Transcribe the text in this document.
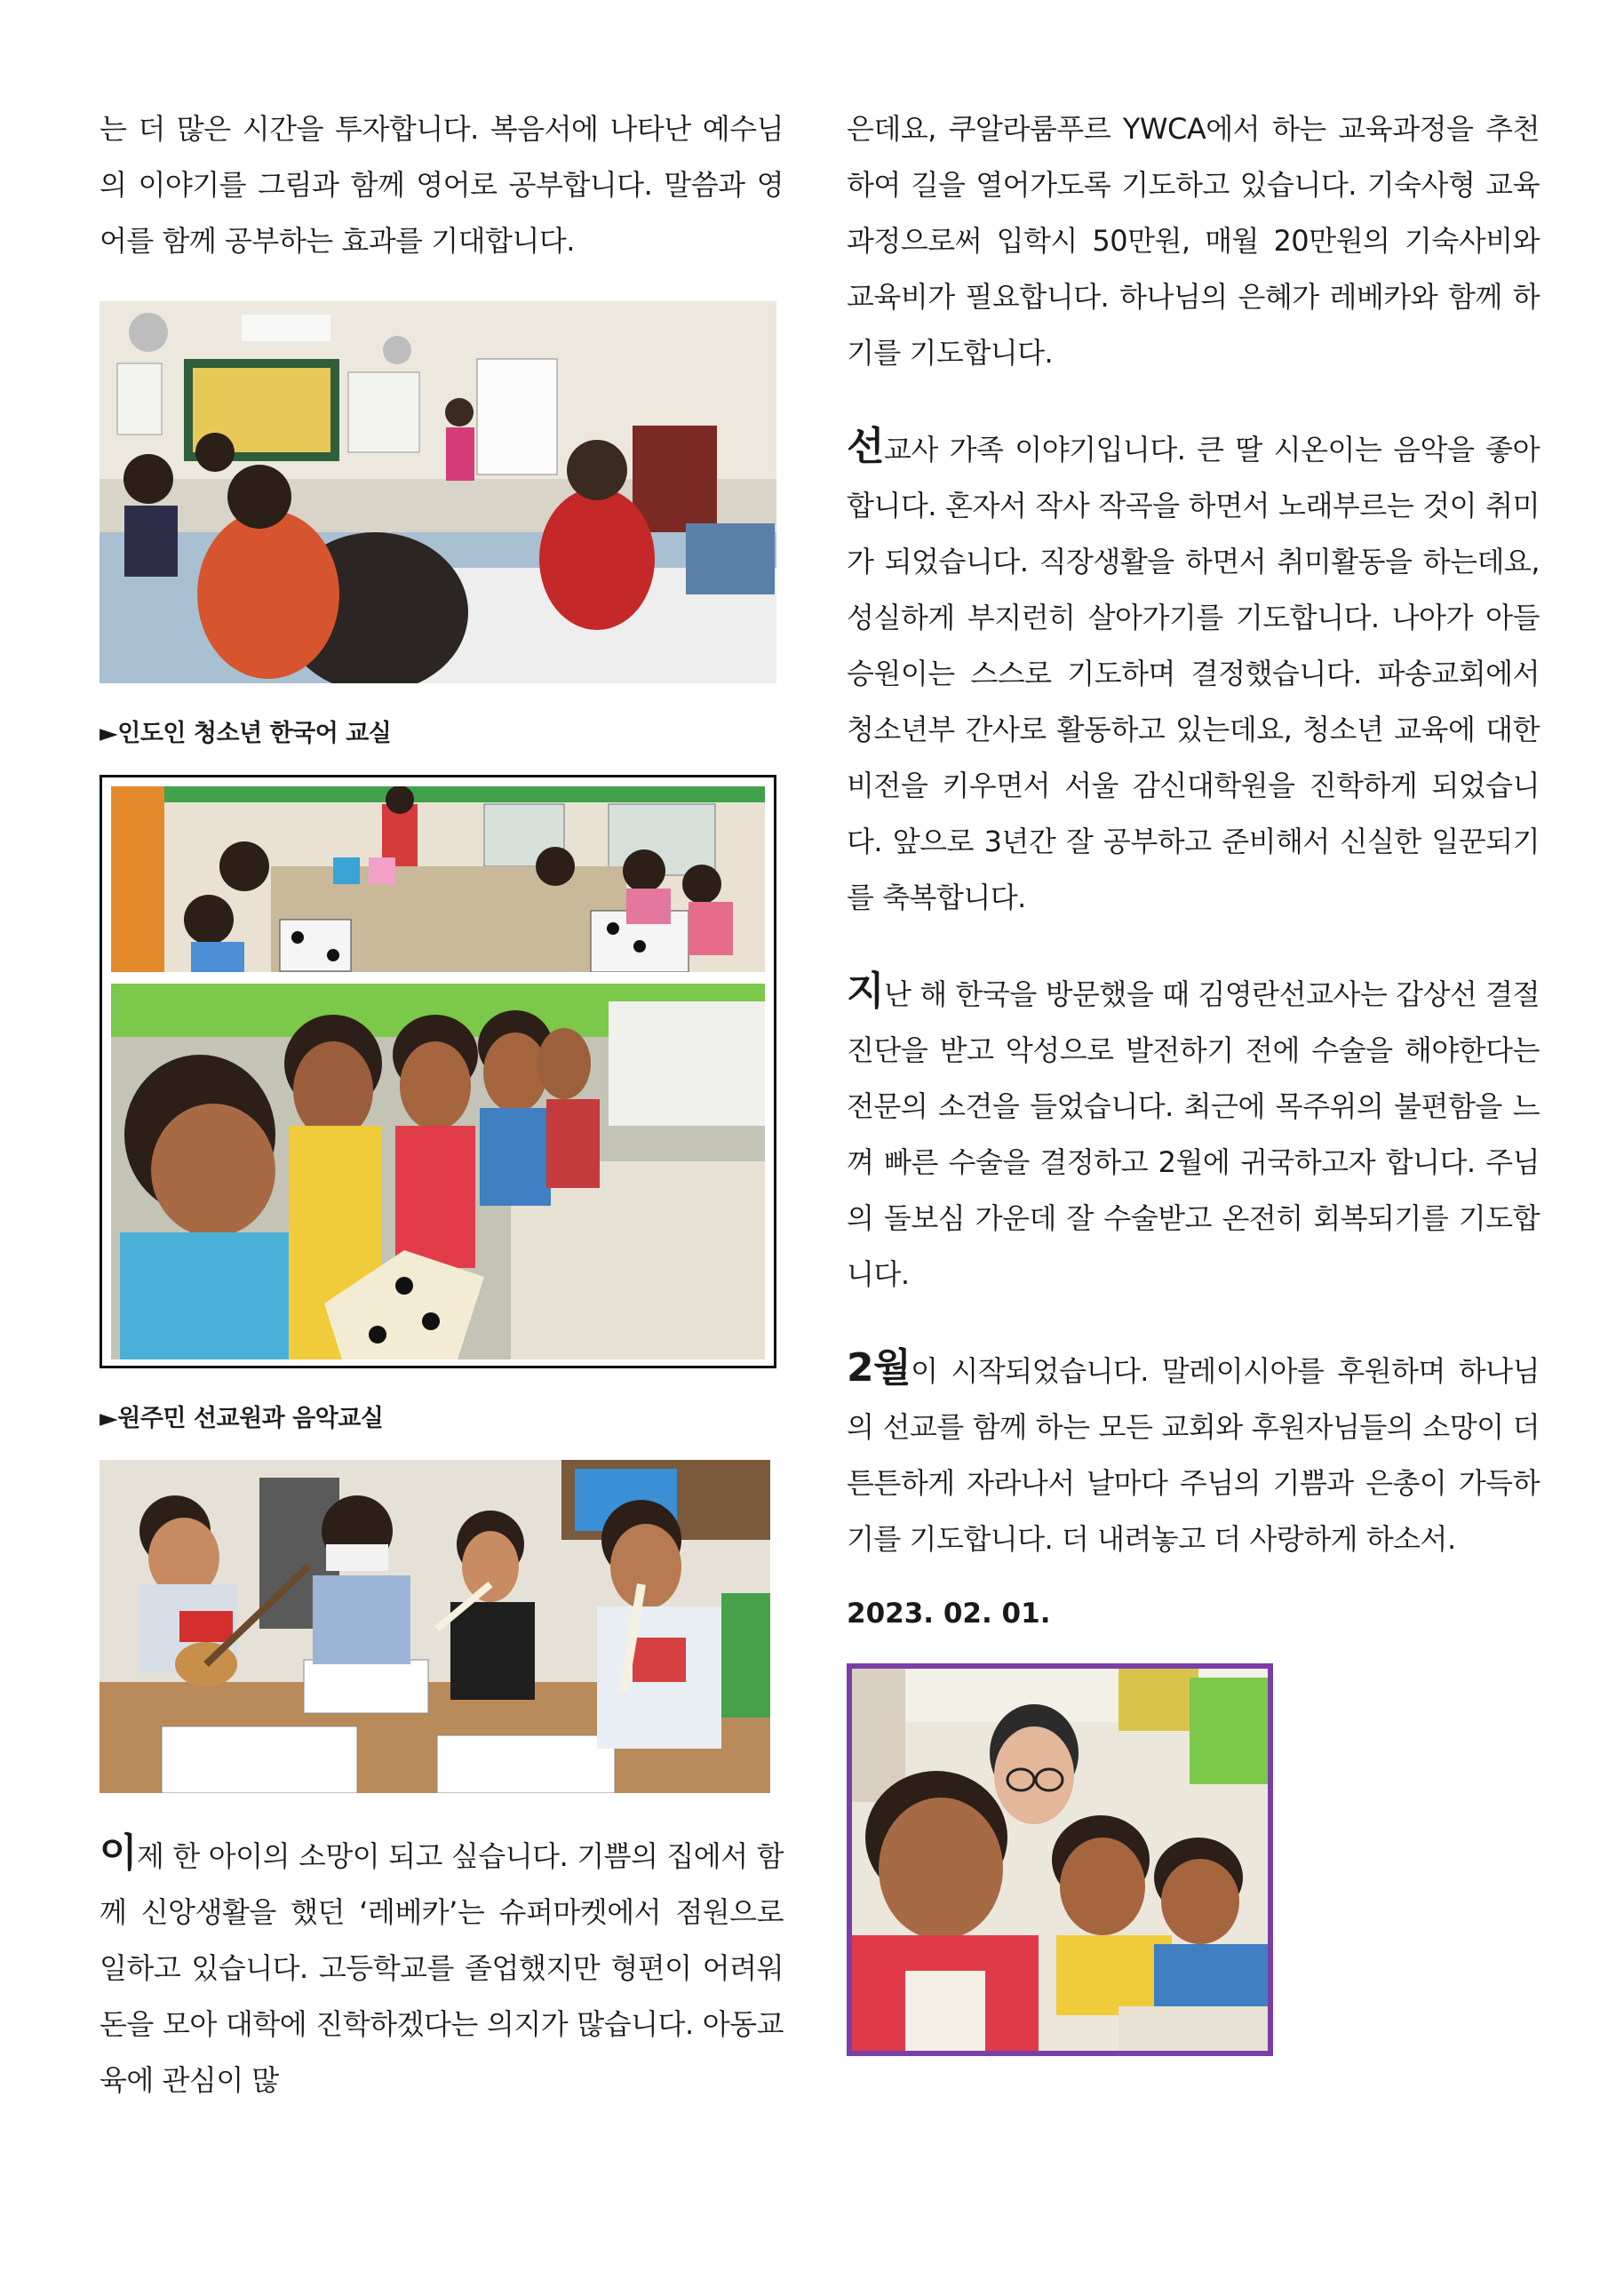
는 더 많은 시간을 투자합니다. 복음서에 나타난 예수님의 이야기를 그림과 함께 영어로 공부합니다. 말씀과 영어를 함께 공부하는 효과를 기대합니다.

►인도인 청소년 한국어 교실
►원주민 선교원과 음악교실

이제 한 아이의 소망이 되고 싶습니다. 기쁨의 집에서 함께 신앙생활을 했던 ‘레베카’는 슈퍼마켓에서 점원으로 일하고 있습니다. 고등학교를 졸업했지만 형편이 어려워 돈을 모아 대학에 진학하겠다는 의지가 많습니다. 아동교육에 관심이 많

은데요, 쿠알라룸푸르 YWCA에서 하는 교육과정을 추천하여 길을 열어가도록 기도하고 있습니다. 기숙사형 교육과정으로써 입학시 50만원, 매월 20만원의 기숙사비와 교육비가 필요합니다. 하나님의 은혜가 레베카와 함께 하기를 기도합니다.

선교사 가족 이야기입니다. 큰 딸 시온이는 음악을 좋아합니다. 혼자서 작사 작곡을 하면서 노래부르는 것이 취미가 되었습니다. 직장생활을 하면서 취미활동을 하는데요, 성실하게 부지런히 살아가기를 기도합니다. 나아가 아들 승원이는 스스로 기도하며 결정했습니다. 파송교회에서 청소년부 간사로 활동하고 있는데요, 청소년 교육에 대한 비전을 키우면서 서울 감신대학원을 진학하게 되었습니다. 앞으로 3년간 잘 공부하고 준비해서 신실한 일꾼되기를 축복합니다.

지난 해 한국을 방문했을 때 김영란선교사는 갑상선 결절 진단을 받고 악성으로 발전하기 전에 수술을 해야한다는 전문의 소견을 들었습니다. 최근에 목주위의 불편함을 느껴 빠른 수술을 결정하고 2월에 귀국하고자 합니다. 주님의 돌보심 가운데 잘 수술받고 온전히 회복되기를 기도합니다.

2월이 시작되었습니다. 말레이시아를 후원하며 하나님의 선교를 함께 하는 모든 교회와 후원자님들의 소망이 더 튼튼하게 자라나서 날마다 주님의 기쁨과 은총이 가득하기를 기도합니다. 더 내려놓고 더 사랑하게 하소서.

2023. 02. 01.
